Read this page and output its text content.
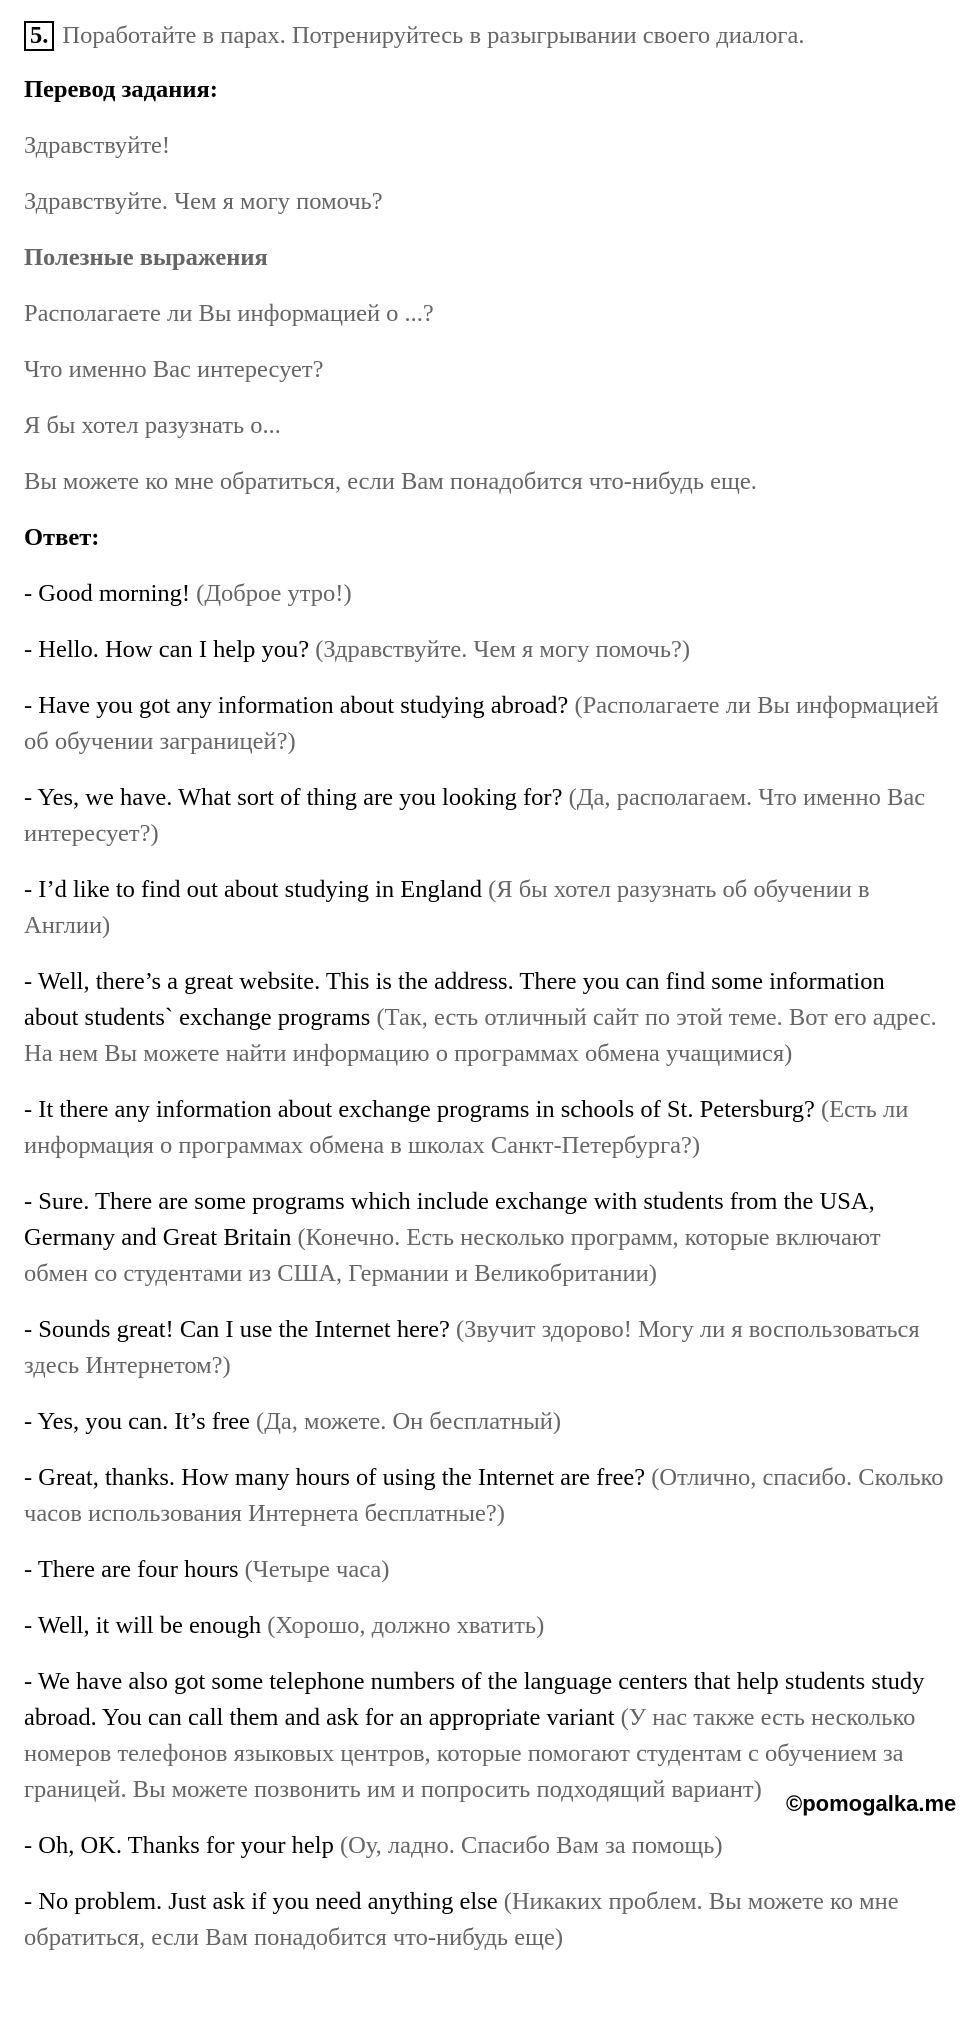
5. Поработайте в парах. Потренируйтесь в разыгрывании своего диалога.

Перевод задания:

Здравствуйте!

Здравствуйте. Чем я могу помочь?

Полезные выражения

Располагаете ли Вы информацией о ...?

Что именно Вас интересует?

Я бы хотел разузнать о...

Вы можете ко мне обратиться, если Вам понадобится что-нибудь еще.

Ответ:

- Good morning! (Доброе утро!)

- Hello. How can I help you? (Здравствуйте. Чем я могу помочь?)

- Have you got any information about studying abroad? (Располагаете ли Вы информацией об обучении заграницей?)

- Yes, we have. What sort of thing are you looking for? (Да, располагаем. Что именно Вас интересует?)

- I’d like to find out about studying in England (Я бы хотел разузнать об обучении в Англии)

- Well, there’s a great website. This is the address. There you can find some information about students` exchange programs (Так, есть отличный сайт по этой теме. Вот его адрес. На нем Вы можете найти информацию о программах обмена учащимися)

- It there any information about exchange programs in schools of St. Petersburg? (Есть ли информация о программах обмена в школах Санкт-Петербурга?)

- Sure. There are some programs which include exchange with students from the USA, Germany and Great Britain (Конечно. Есть несколько программ, которые включают обмен со студентами из США, Германии и Великобритании)

- Sounds great! Can I use the Internet here? (Звучит здорово! Могу ли я воспользоваться здесь Интернетом?)

- Yes, you can. It’s free (Да, можете. Он бесплатный)

- Great, thanks. How many hours of using the Internet are free? (Отлично, спасибо. Сколько часов использования Интернета бесплатные?)

- There are four hours (Четыре часа)

- Well, it will be enough (Хорошо, должно хватить)

- We have also got some telephone numbers of the language centers that help students study abroad. You can call them and ask for an appropriate variant (У нас также есть несколько номеров телефонов языковых центров, которые помогают студентам с обучением за границей. Вы можете позвонить им и попросить подходящий вариант)

- Oh, OK. Thanks for your help (Оу, ладно. Спасибо Вам за помощь)

- No problem. Just ask if you need anything else (Никаких проблем. Вы можете ко мне обратиться, если Вам понадобится что-нибудь еще)

©pomogalka.me
